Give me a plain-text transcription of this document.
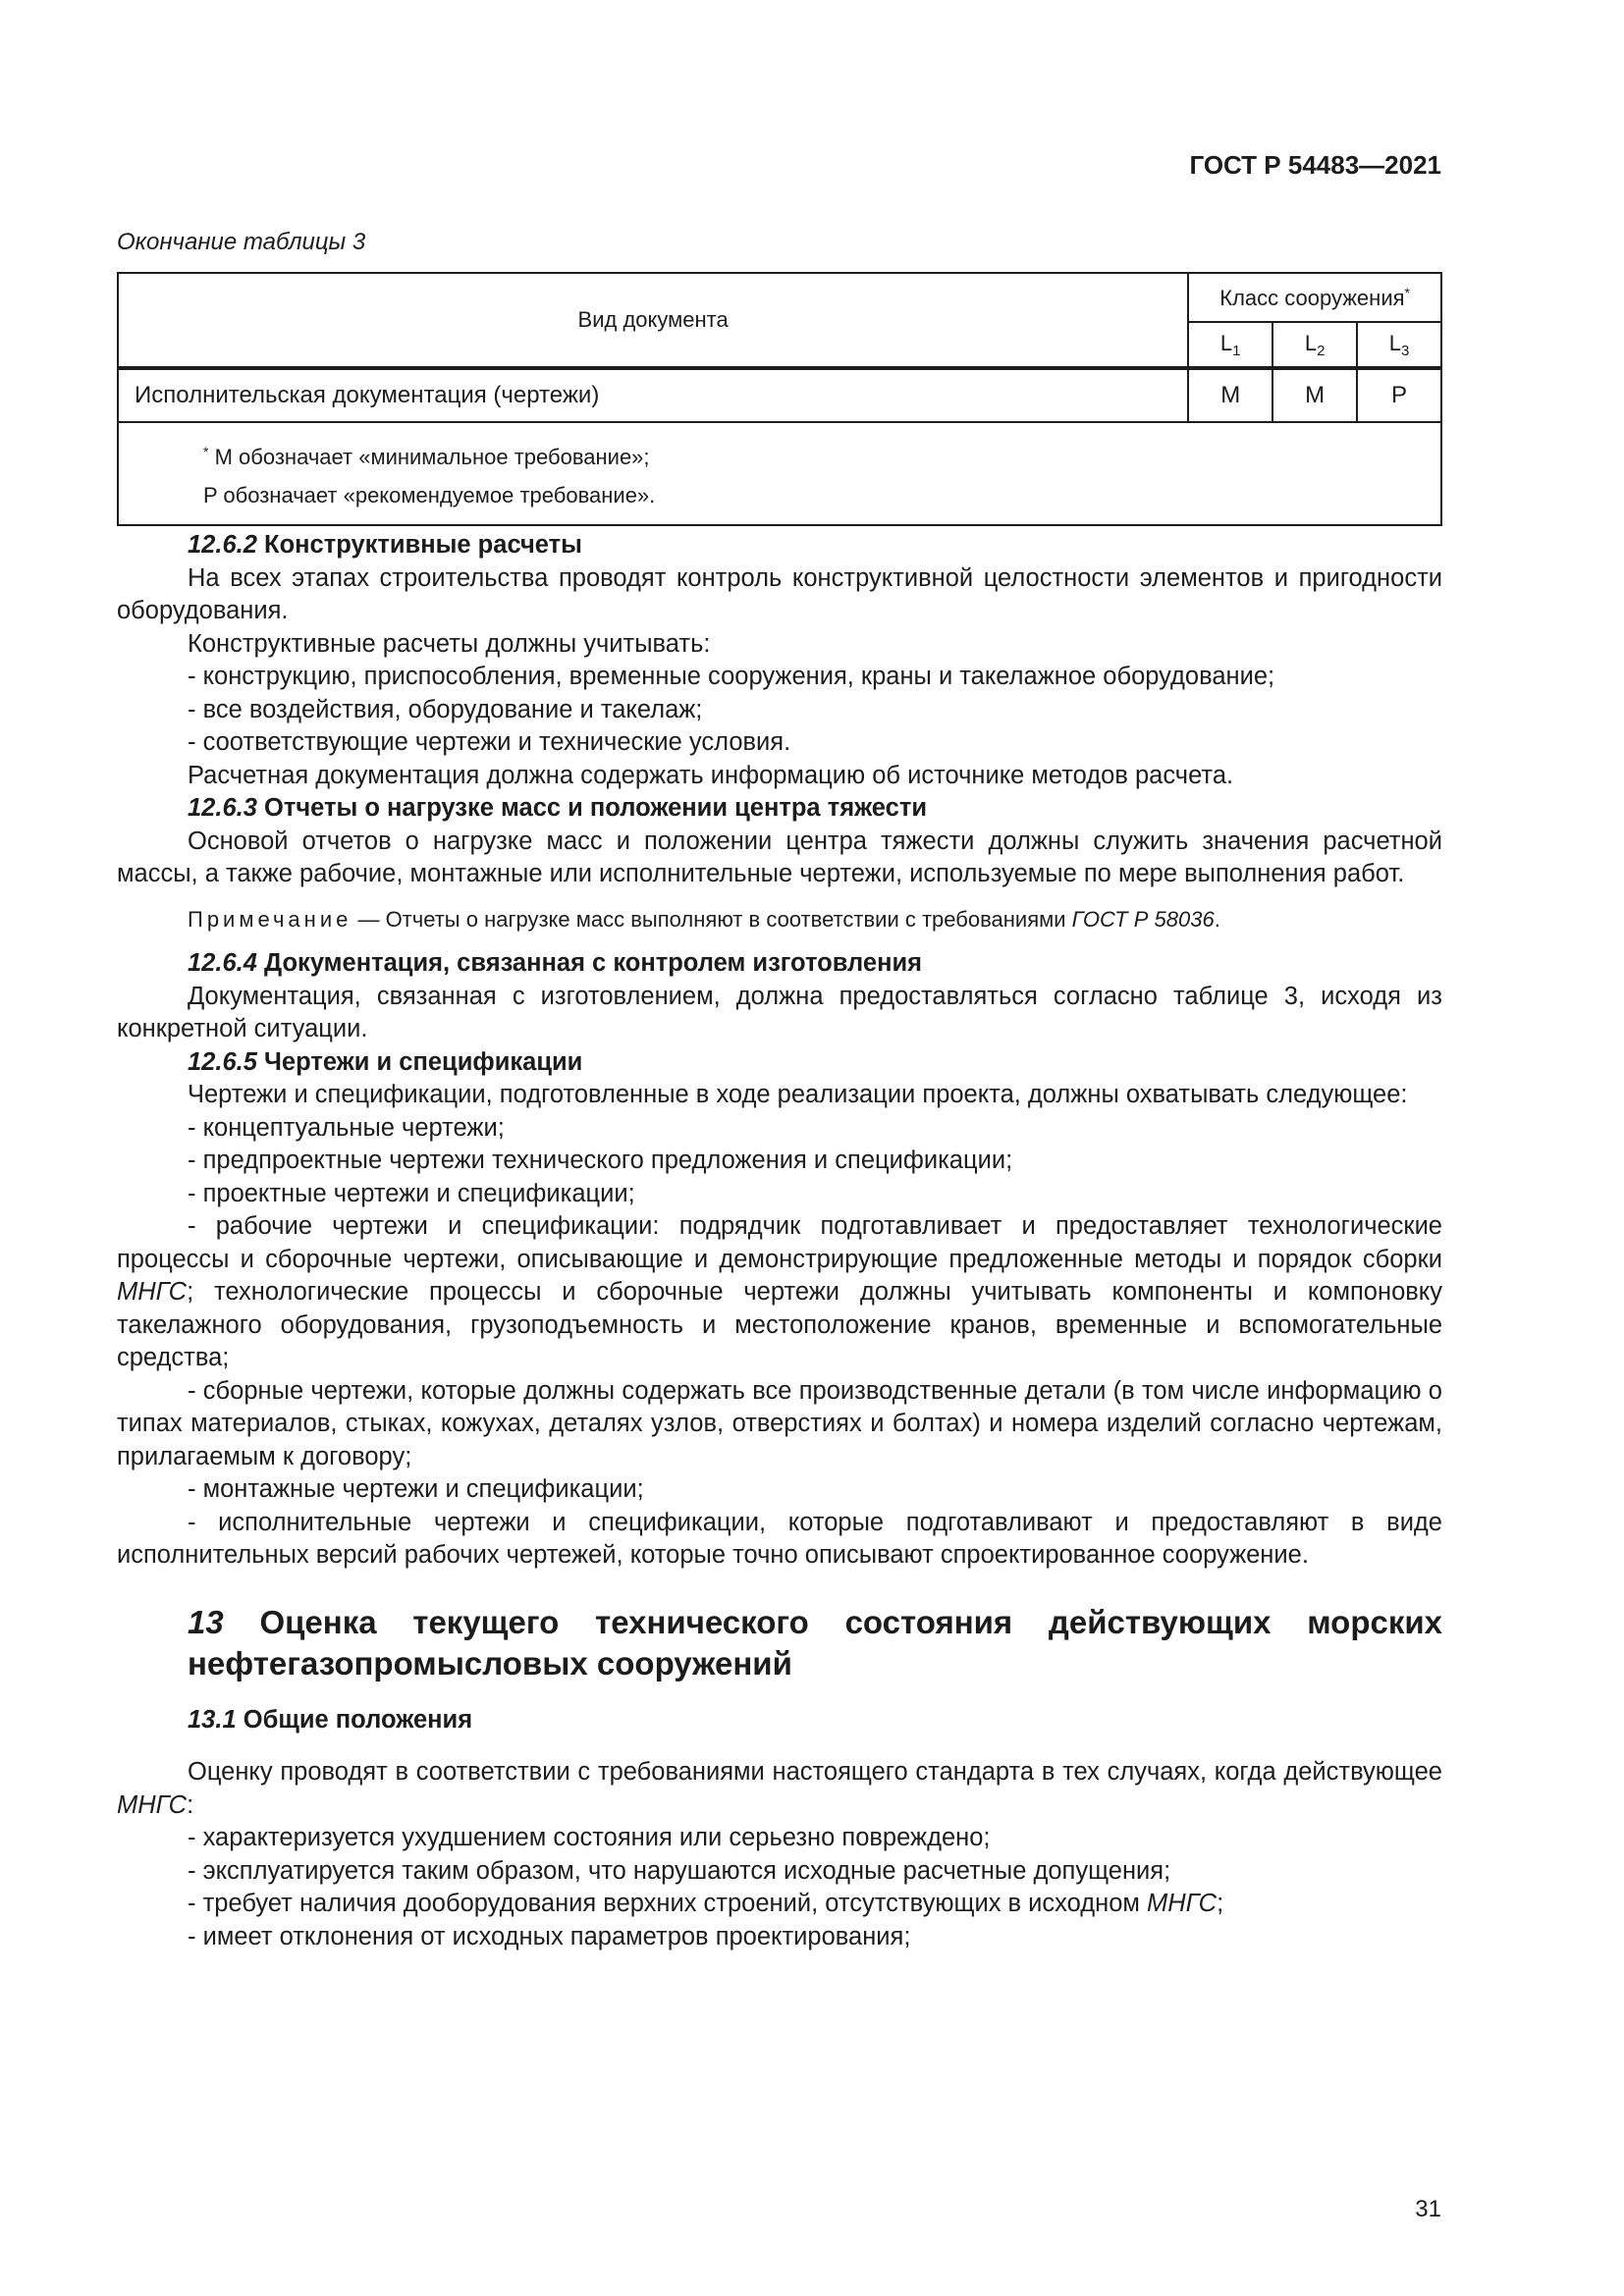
ГОСТ Р 54483—2021
Окончание таблицы 3
Вид документа	Класс сооружения*
	$L_1$	$L_2$	$L_3$
Исполнительская документация (чертежи)	M	M	P

* M обозначает «минимальное требование»;
P обозначает «рекомендуемое требование».			

12.6.2 Конструктивные расчеты

На всех этапах строительства проводят контроль конструктивной целостности элементов и пригодности оборудования.

Конструктивные расчеты должны учитывать:

- конструкцию, приспособления, временные сооружения, краны и такелажное оборудование;

- все воздействия, оборудование и такелаж;

- соответствующие чертежи и технические условия.

Расчетная документация должна содержать информацию об источнике методов расчета.

12.6.3 Отчеты о нагрузке масс и положении центра тяжести

Основой отчетов о нагрузке масс и положении центра тяжести должны служить значения расчетной массы, а также рабочие, монтажные или исполнительные чертежи, используемые по мере выполнения работ.

Примечание — Отчеты о нагрузке масс выполняют в соответствии с требованиями ГОСТ Р 58036.

12.6.4 Документация, связанная с контролем изготовления

Документация, связанная с изготовлением, должна предоставляться согласно таблице 3, исходя из конкретной ситуации.

12.6.5 Чертежи и спецификации

Чертежи и спецификации, подготовленные в ходе реализации проекта, должны охватывать следующее:

- концептуальные чертежи;

- предпроектные чертежи технического предложения и спецификации;

- проектные чертежи и спецификации;

- рабочие чертежи и спецификации: подрядчик подготавливает и предоставляет технологические процессы и сборочные чертежи, описывающие и демонстрирующие предложенные методы и порядок сборки МНГС; технологические процессы и сборочные чертежи должны учитывать компоненты и компоновку такелажного оборудования, грузоподъемность и местоположение кранов, временные и вспомогательные средства;

- сборные чертежи, которые должны содержать все производственные детали (в том числе информацию о типах материалов, стыках, кожухах, деталях узлов, отверстиях и болтах) и номера изделий согласно чертежам, прилагаемым к договору;

- монтажные чертежи и спецификации;

- исполнительные чертежи и спецификации, которые подготавливают и предоставляют в виде исполнительных версий рабочих чертежей, которые точно описывают спроектированное сооружение.

13 Оценка текущего технического состояния действующих морских нефтегазопромысловых сооружений

13.1 Общие положения

Оценку проводят в соответствии с требованиями настоящего стандарта в тех случаях, когда действующее МНГС:

- характеризуется ухудшением состояния или серьезно повреждено;

- эксплуатируется таким образом, что нарушаются исходные расчетные допущения;

- требует наличия дооборудования верхних строений, отсутствующих в исходном МНГС;

- имеет отклонения от исходных параметров проектирования;

31
